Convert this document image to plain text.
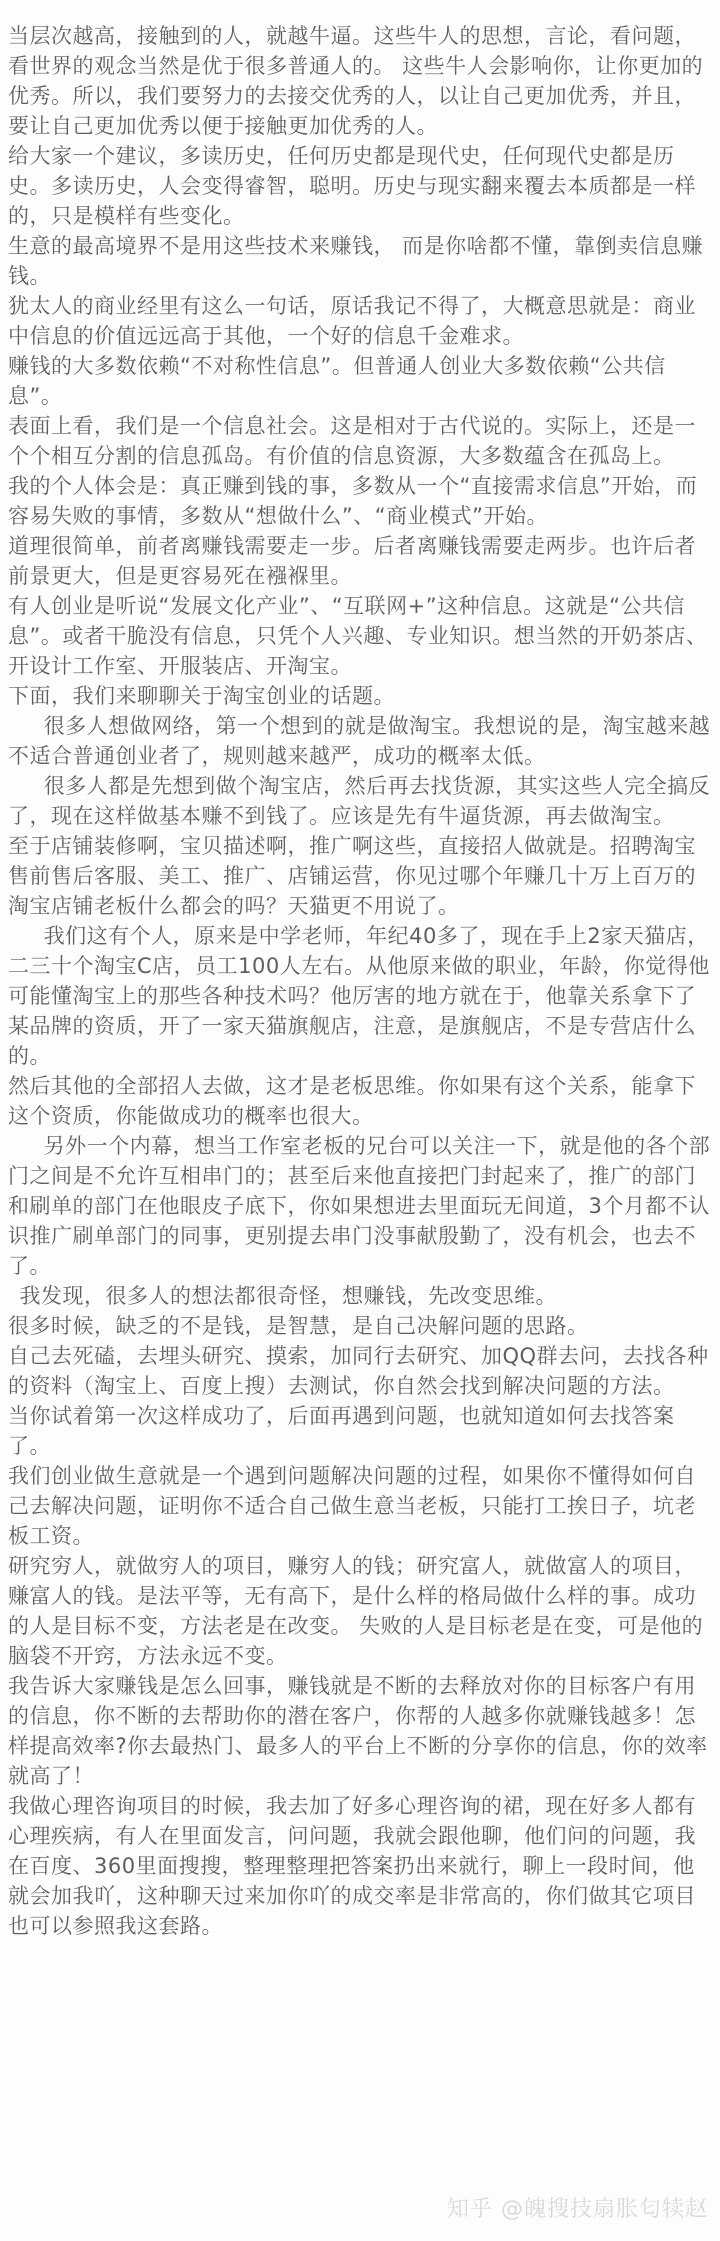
当层次越高，接触到的人，就越牛逼。这些牛人的思想，言论，看问题，看世界的观念当然是优于很多普通人的。 这些牛人会影响你，让你更加的优秀。所以，我们要努力的去接交优秀的人，以让自己更加优秀，并且，要让自己更加优秀以便于接触更加优秀的人。

给大家一个建议，多读历史，任何历史都是现代史，任何现代史都是历史。多读历史，人会变得睿智，聪明。历史与现实翻来覆去本质都是一样的，只是模样有些变化。

生意的最高境界不是用这些技术来赚钱， 而是你啥都不懂，靠倒卖信息赚钱。

犹太人的商业经里有这么一句话，原话我记不得了，大概意思就是：商业中信息的价值远远高于其他，一个好的信息千金难求。

赚钱的大多数依赖“不对称性信息”。但普通人创业大多数依赖“公共信息”。

表面上看，我们是一个信息社会。这是相对于古代说的。实际上，还是一个个相互分割的信息孤岛。有价值的信息资源，大多数蕴含在孤岛上。

我的个人体会是：真正赚到钱的事，多数从一个“直接需求信息”开始，而容易失败的事情，多数从“想做什么”、“商业模式”开始。

道理很简单，前者离赚钱需要走一步。后者离赚钱需要走两步。也许后者前景更大，但是更容易死在襁褓里。

有人创业是听说“发展文化产业”、“互联网+”这种信息。这就是“公共信息”。或者干脆没有信息，只凭个人兴趣、专业知识。想当然的开奶茶店、开设计工作室、开服装店、开淘宝。

下面，我们来聊聊关于淘宝创业的话题。

很多人想做网络，第一个想到的就是做淘宝。我想说的是，淘宝越来越不适合普通创业者了，规则越来越严，成功的概率太低。

很多人都是先想到做个淘宝店，然后再去找货源，其实这些人完全搞反了，现在这样做基本赚不到钱了。应该是先有牛逼货源，再去做淘宝。

至于店铺装修啊，宝贝描述啊，推广啊这些，直接招人做就是。招聘淘宝售前售后客服、美工、推广、店铺运营，你见过哪个年赚几十万上百万的淘宝店铺老板什么都会的吗？天猫更不用说了。

我们这有个人，原来是中学老师，年纪40多了，现在手上2家天猫店，二三十个淘宝C店，员工100人左右。从他原来做的职业，年龄，你觉得他可能懂淘宝上的那些各种技术吗？他厉害的地方就在于，他靠关系拿下了某品牌的资质，开了一家天猫旗舰店，注意，是旗舰店，不是专营店什么的。

然后其他的全部招人去做，这才是老板思维。你如果有这个关系，能拿下这个资质，你能做成功的概率也很大。

另外一个内幕，想当工作室老板的兄台可以关注一下，就是他的各个部门之间是不允许互相串门的；甚至后来他直接把门封起来了，推广的部门和刷单的部门在他眼皮子底下，你如果想进去里面玩无间道，3个月都不认识推广刷单部门的同事，更别提去串门没事献殷勤了，没有机会，也去不了。

我发现，很多人的想法都很奇怪，想赚钱，先改变思维。

很多时候，缺乏的不是钱，是智慧，是自己决解问题的思路。

自己去死磕，去埋头研究、摸索，加同行去研究、加QQ群去问，去找各种的资料（淘宝上、百度上搜）去测试，你自然会找到解决问题的方法。

当你试着第一次这样成功了，后面再遇到问题，也就知道如何去找答案了。

我们创业做生意就是一个遇到问题解决问题的过程，如果你不懂得如何自己去解决问题，证明你不适合自己做生意当老板，只能打工挨日子，坑老板工资。

研究穷人，就做穷人的项目，赚穷人的钱；研究富人，就做富人的项目，赚富人的钱。是法平等，无有高下，是什么样的格局做什么样的事。成功的人是目标不变，方法老是在改变。 失败的人是目标老是在变，可是他的脑袋不开窍，方法永远不变。

我告诉大家赚钱是怎么回事，赚钱就是不断的去释放对你的目标客户有用的信息，你不断的去帮助你的潜在客户，你帮的人越多你就赚钱越多！怎样提高效率?你去最热门、最多人的平台上不断的分享你的信息，你的效率就高了！

我做心理咨询项目的时候，我去加了好多心理咨询的裙，现在好多人都有心理疾病，有人在里面发言，问问题，我就会跟他聊，他们问的问题，我在百度、360里面搜搜，整理整理把答案扔出来就行，聊上一段时间，他就会加我吖，这种聊天过来加你吖的成交率是非常高的，你们做其它项目也可以参照我这套路。

知乎 @魄搜技扇胀匂犊赵
